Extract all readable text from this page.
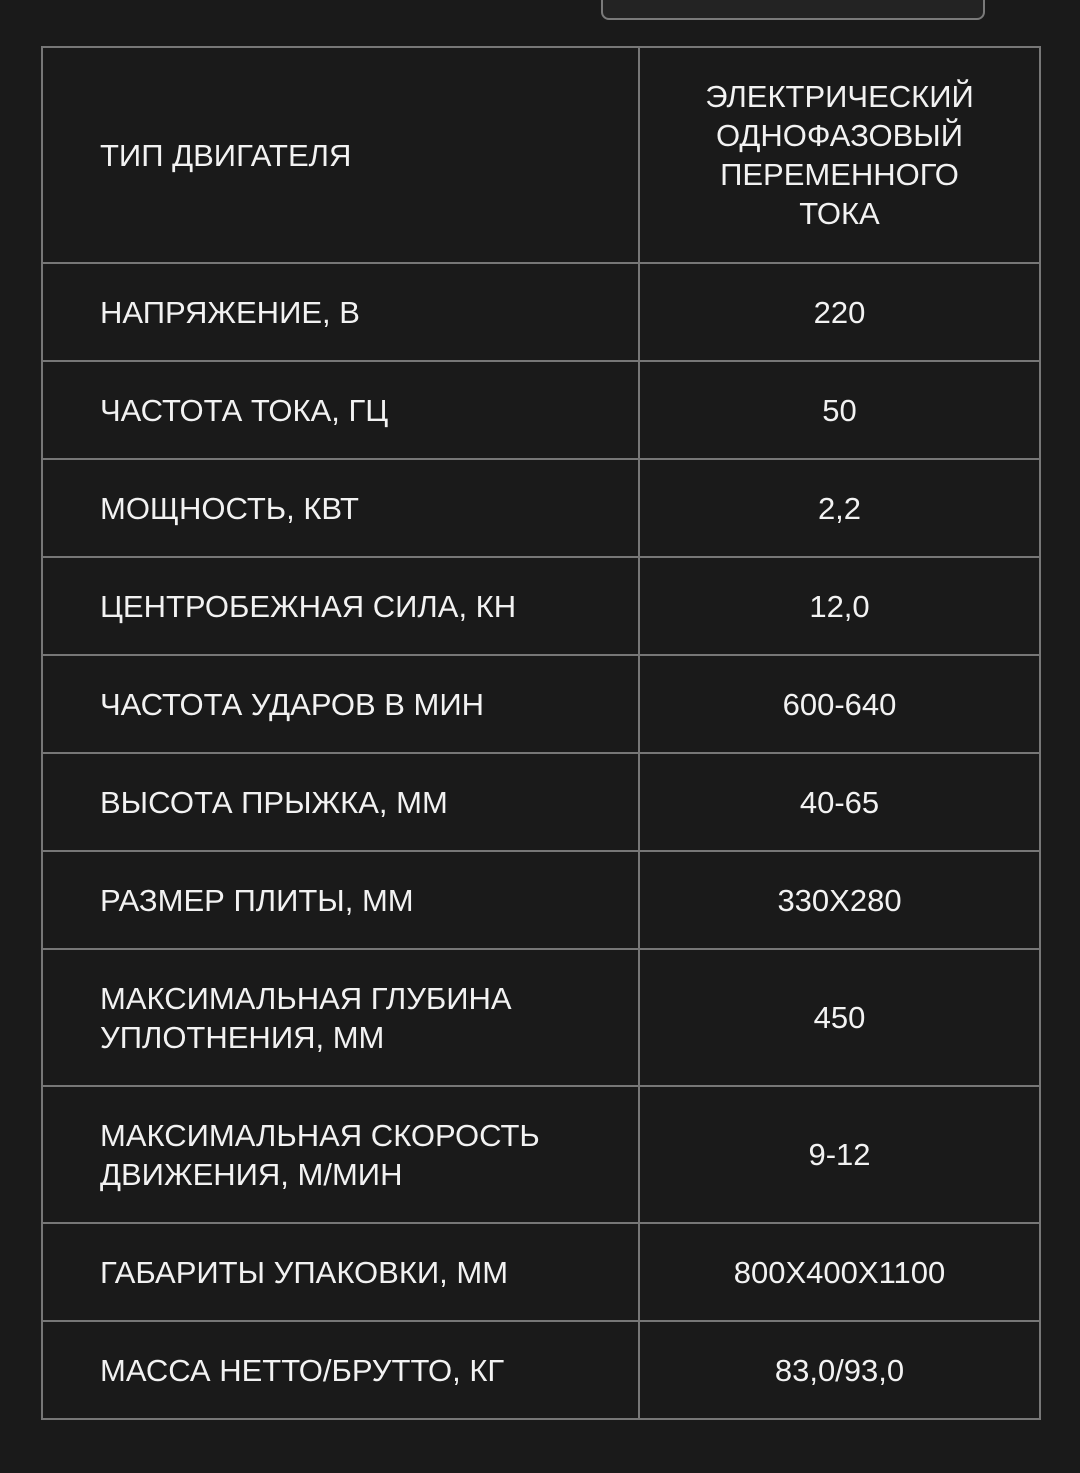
ТИП ДВИГАТЕЛЯ	ЭЛЕКТРИЧЕСКИЙ
ОДНОФАЗОВЫЙ
ПЕРЕМЕННОГО
ТОКА
НАПРЯЖЕНИЕ, В	220
ЧАСТОТА ТОКА, ГЦ	50
МОЩНОСТЬ, КВТ	2,2
ЦЕНТРОБЕЖНАЯ СИЛА, КН	12,0
ЧАСТОТА УДАРОВ В МИН	600-640
ВЫСОТА ПРЫЖКА, ММ	40-65
РАЗМЕР ПЛИТЫ, ММ	330Х280
МАКСИМАЛЬНАЯ ГЛУБИНА
УПЛОТНЕНИЯ, ММ	450
МАКСИМАЛЬНАЯ СКОРОСТЬ
ДВИЖЕНИЯ, М/МИН	9-12
ГАБАРИТЫ УПАКОВКИ, ММ	800Х400Х1100
МАССА НЕТТО/БРУТТО, КГ	83,0/93,0
